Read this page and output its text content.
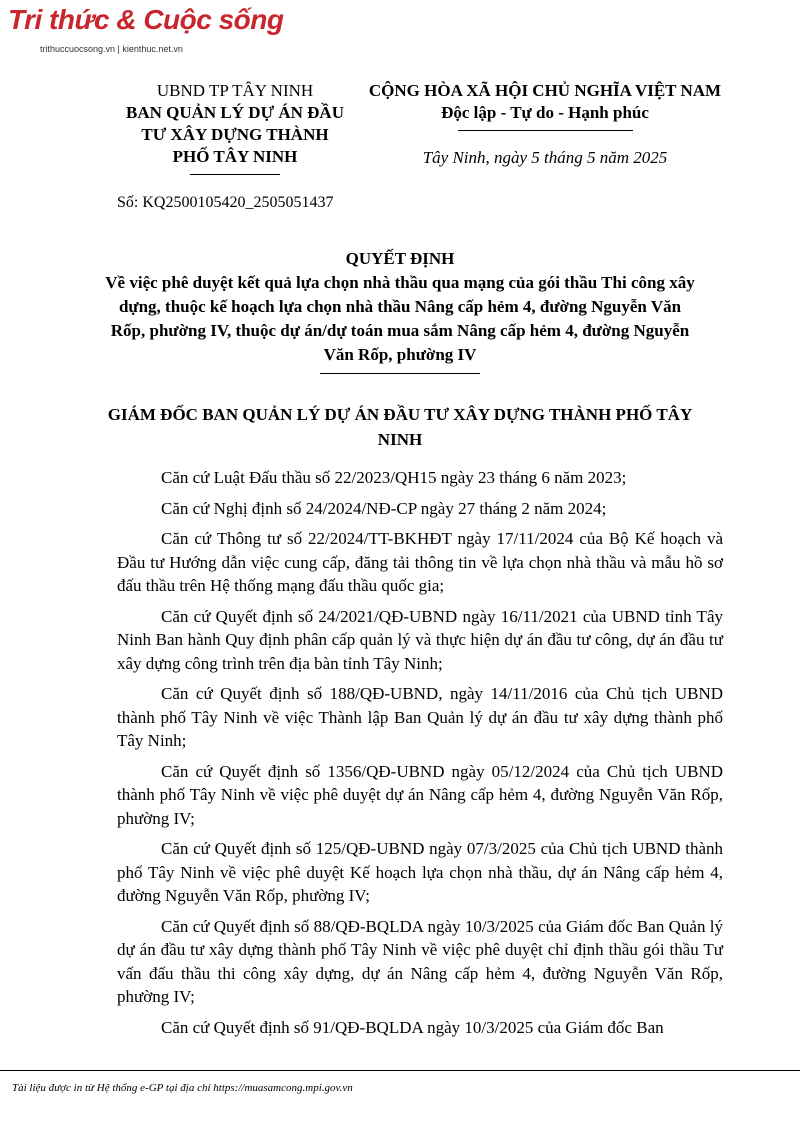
Tri thức & Cuộc sống
trithuccuocsong.vn | kienthuc.net.vn
UBND TP TÂY NINH
BAN QUẢN LÝ DỰ ÁN ĐẦU
TƯ XÂY DỰNG THÀNH
PHỐ TÂY NINH
CỘNG HÒA XÃ HỘI CHỦ NGHĨA VIỆT NAM
Độc lập - Tự do - Hạnh phúc
Tây Ninh, ngày 5 tháng 5 năm 2025
Số: KQ2500105420_2505051437
QUYẾT ĐỊNH
Về việc phê duyệt kết quả lựa chọn nhà thầu qua mạng của gói thầu Thi công xây dựng, thuộc kế hoạch lựa chọn nhà thầu Nâng cấp hẻm 4, đường Nguyễn Văn Rốp, phường IV, thuộc dự án/dự toán mua sắm Nâng cấp hẻm 4, đường Nguyễn Văn Rốp, phường IV
GIÁM ĐỐC BAN QUẢN LÝ DỰ ÁN ĐẦU TƯ XÂY DỰNG THÀNH PHỐ TÂY NINH

Căn cứ Luật Đấu thầu số 22/2023/QH15 ngày 23 tháng 6 năm 2023;

Căn cứ Nghị định số 24/2024/NĐ-CP ngày 27 tháng 2 năm 2024;

Căn cứ Thông tư số 22/2024/TT-BKHĐT ngày 17/11/2024 của Bộ Kế hoạch và Đầu tư Hướng dẫn việc cung cấp, đăng tải thông tin về lựa chọn nhà thầu và mẫu hồ sơ đấu thầu trên Hệ thống mạng đấu thầu quốc gia;

Căn cứ Quyết định số 24/2021/QĐ-UBND ngày 16/11/2021 của UBND tỉnh Tây Ninh Ban hành Quy định phân cấp quản lý và thực hiện dự án đầu tư công, dự án đầu tư xây dựng công trình trên địa bàn tỉnh Tây Ninh;

Căn cứ Quyết định số 188/QĐ-UBND, ngày 14/11/2016 của Chủ tịch UBND thành phố Tây Ninh về việc Thành lập Ban Quản lý dự án đầu tư xây dựng thành phố Tây Ninh;

Căn cứ Quyết định số 1356/QĐ-UBND ngày 05/12/2024 của Chủ tịch UBND thành phố Tây Ninh về việc phê duyệt dự án Nâng cấp hẻm 4, đường Nguyễn Văn Rốp, phường IV;

Căn cứ Quyết định số 125/QĐ-UBND ngày 07/3/2025 của Chủ tịch UBND thành phố Tây Ninh về việc phê duyệt Kế hoạch lựa chọn nhà thầu, dự án Nâng cấp hẻm 4, đường Nguyễn Văn Rốp, phường IV;

Căn cứ Quyết định số 88/QĐ-BQLDA ngày 10/3/2025 của Giám đốc Ban Quản lý dự án đầu tư xây dựng thành phố Tây Ninh về việc phê duyệt chỉ định thầu gói thầu Tư vấn đấu thầu thi công xây dựng, dự án Nâng cấp hẻm 4, đường Nguyễn Văn Rốp, phường IV;

Căn cứ Quyết định số 91/QĐ-BQLDA ngày 10/3/2025 của Giám đốc Ban

Tài liệu được in từ Hệ thống e-GP tại địa chỉ https://muasamcong.mpi.gov.vn
